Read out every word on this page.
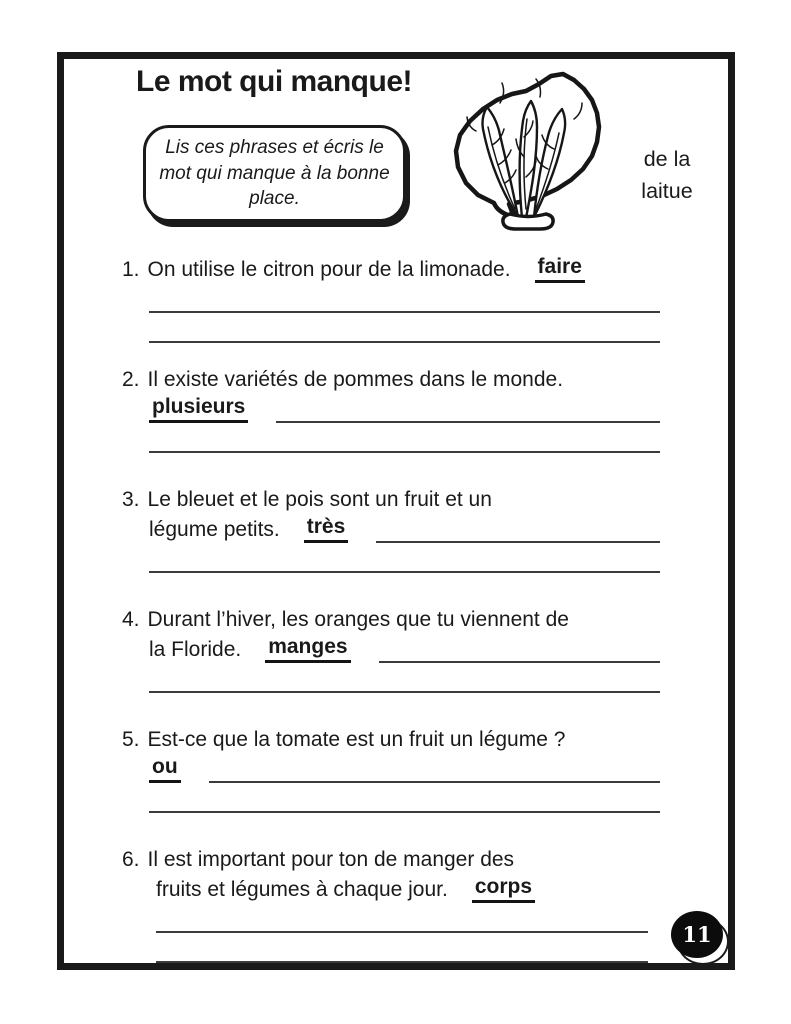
Le mot qui manque!
Lis ces phrases et écris le mot qui manque à la bonne place.
de la
laitue
1. On utilise le citron pour de la limonade. faire
2. Il existe variétés de pommes dans le monde.
plusieurs
3. Le bleuet et le pois sont un fruit et un
légume petits. très
4. Durant l’hiver, les oranges que tu viennent de
la Floride. manges
5. Est-ce que la tomate est un fruit un légume ?
ou
6. Il est important pour ton de manger des
fruits et légumes à chaque jour. corps
11
